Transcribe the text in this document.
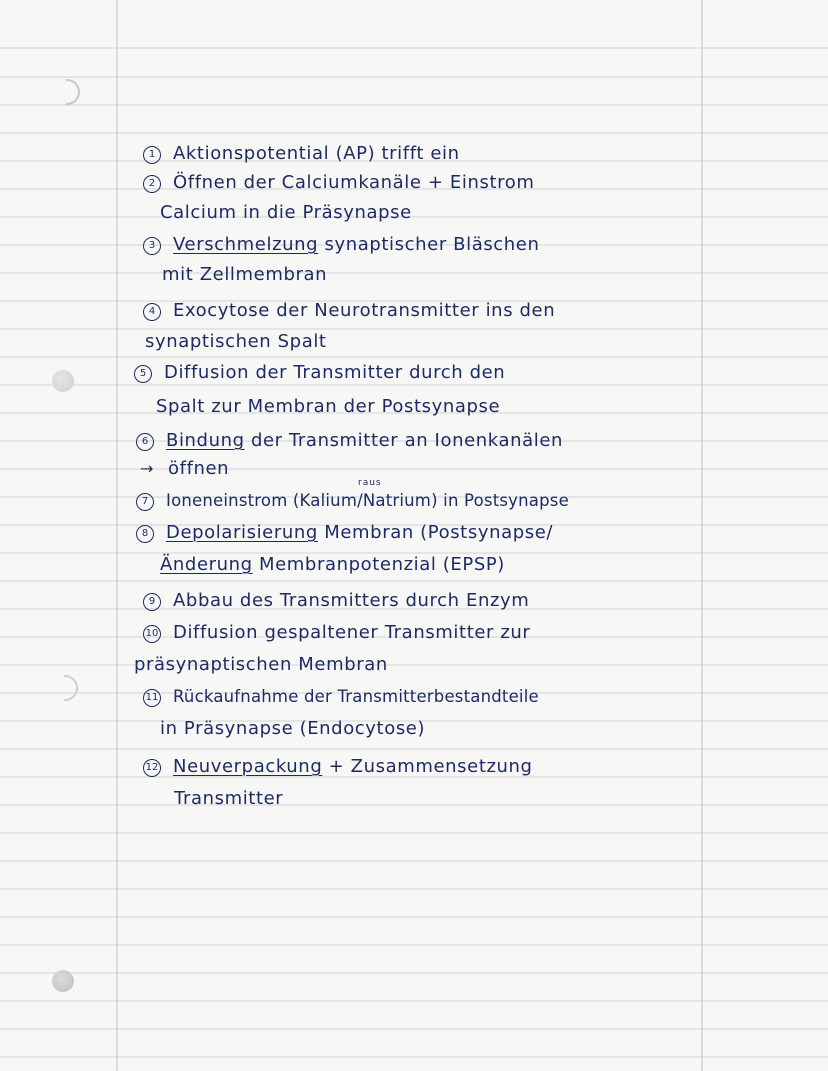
1 Aktionspotential (AP) trifft ein
2 Öffnen der Calciumkanäle + Einstrom
Calcium in die Präsynapse
3 Verschmelzung synaptischer Bläschen
mit Zellmembran
4 Exocytose der Neurotransmitter ins den
synaptischen Spalt
5 Diffusion der Transmitter durch den
Spalt zur Membran der Postsynapse
6 Bindung der Transmitter an Ionenkanälen
→ öffnen
raus
7 Ioneneinstrom (Kalium/Natrium) in Postsynapse
8 Depolarisierung Membran (Postsynapse/
Änderung Membranpotenzial (EPSP)
9 Abbau des Transmitters durch Enzym
10 Diffusion gespaltener Transmitter zur
präsynaptischen Membran
11 Rückaufnahme der Transmitterbestandteile
in Präsynapse (Endocytose)
12 Neuverpackung + Zusammensetzung
Transmitter
